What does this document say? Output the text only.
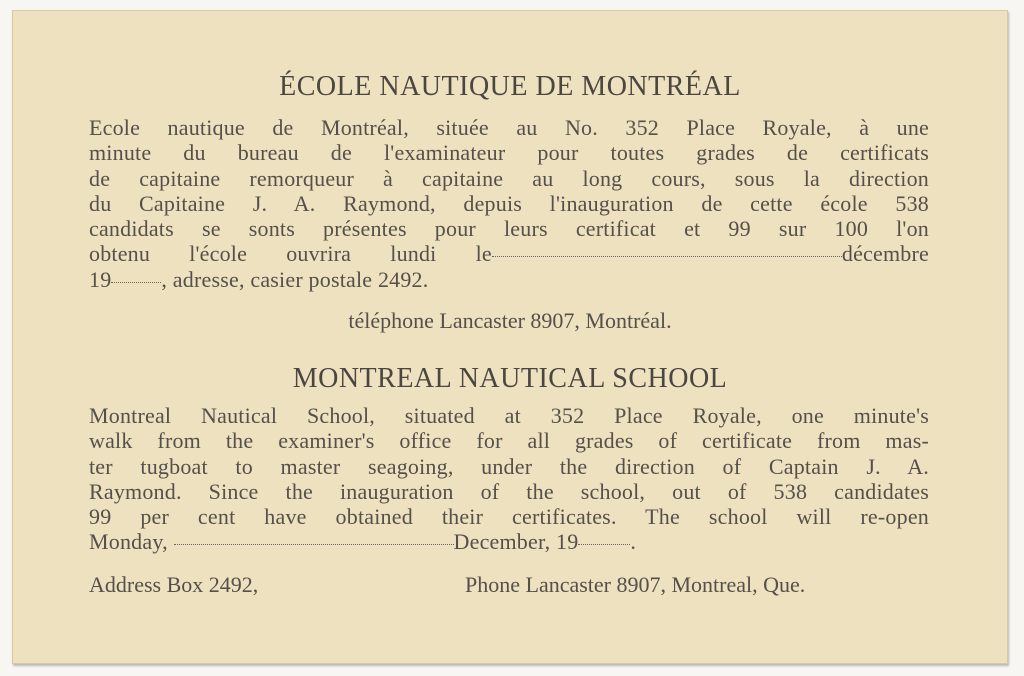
ÉCOLE NAUTIQUE DE MONTRÉAL
Ecole nautique de Montréal, située au No. 352 Place Royale, à une
minute du bureau de l'examinateur pour toutes grades de certificats
de capitaine remorqueur à capitaine au long cours, sous la direction
du Capitaine J. A. Raymond, depuis l'inauguration de cette école 538
candidats se sonts présentes pour leurs certificat et 99 sur 100 l'on
obtenu l'école ouvrira lundi le	décembre
19 , adresse, casier postale 2492.
téléphone Lancaster 8907, Montréal.
MONTREAL NAUTICAL SCHOOL
Montreal Nautical School, situated at 352 Place Royale, one minute's
walk from the examiner's office for all grades of certificate from mas-
ter tugboat to master seagoing, under the direction of Captain J. A.
Raymond. Since the inauguration of the school, out of 538 candidates
99 per cent have obtained their certificates. The school will re-open
Monday,	December, 19 .
Address Box 2492,	Phone Lancaster 8907, Montreal, Que.
